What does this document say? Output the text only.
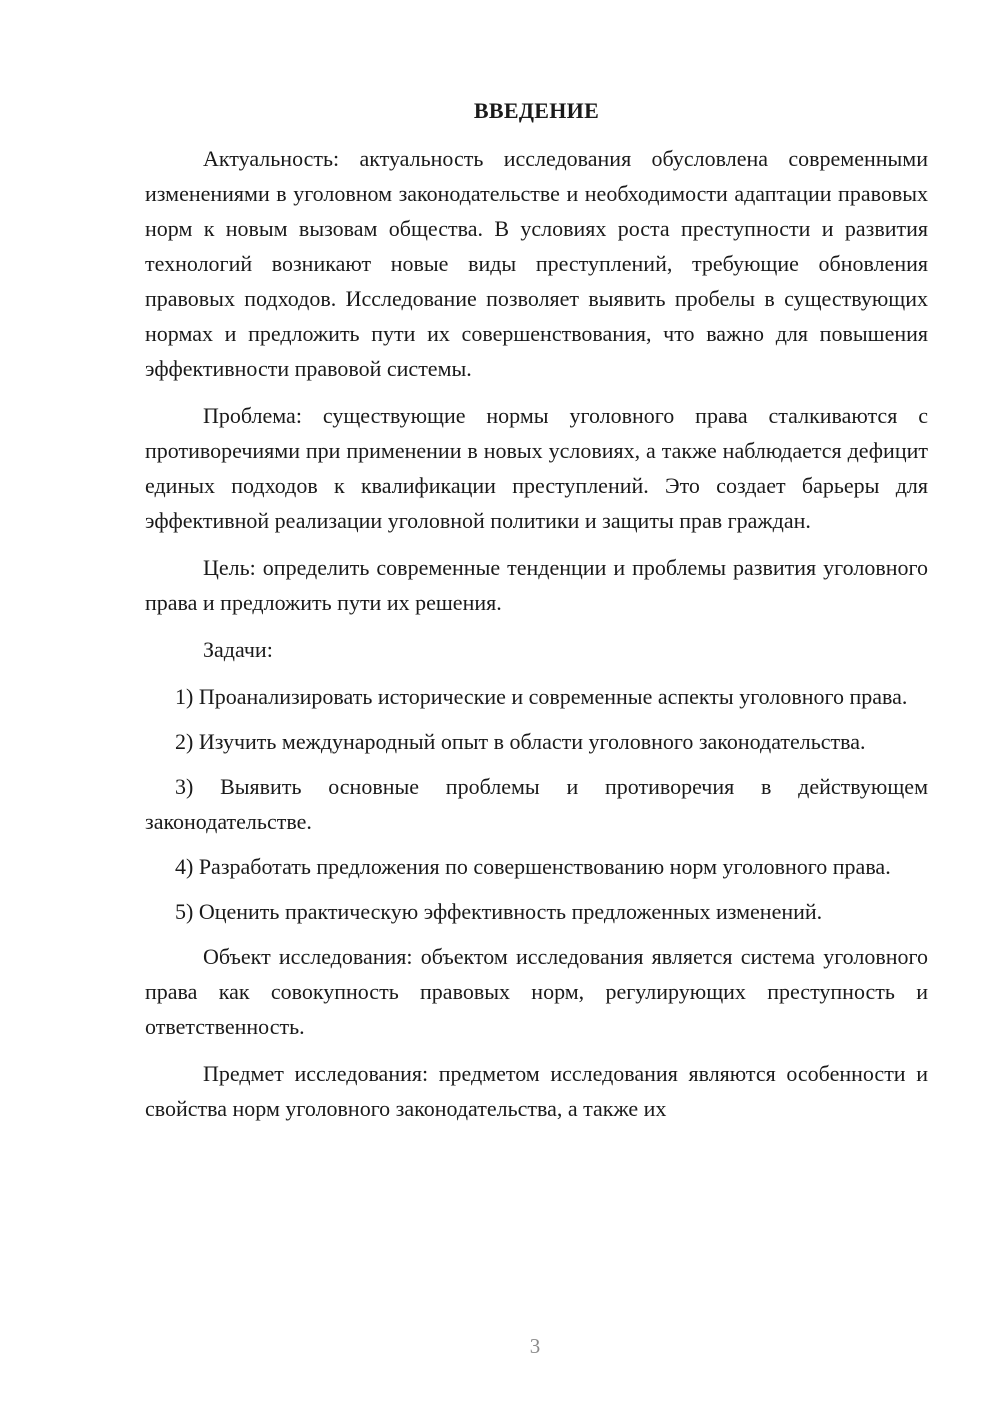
ВВЕДЕНИЕ

Актуальность: актуальность исследования обусловлена современными изменениями в уголовном законодательстве и необходимости адаптации правовых норм к новым вызовам общества. В условиях роста преступности и развития технологий возникают новые виды преступлений, требующие обновления правовых подходов. Исследование позволяет выявить пробелы в существующих нормах и предложить пути их совершенствования, что важно для повышения эффективности правовой системы.

Проблема: существующие нормы уголовного права сталкиваются с противоречиями при применении в новых условиях, а также наблюдается дефицит единых подходов к квалификации преступлений. Это создает барьеры для эффективной реализации уголовной политики и защиты прав граждан.

Цель: определить современные тенденции и проблемы развития уголовного права и предложить пути их решения.

Задачи:

1) Проанализировать исторические и современные аспекты уголовного права.

2) Изучить международный опыт в области уголовного законодательства.

3) Выявить основные проблемы и противоречия в действующем законодательстве.

4) Разработать предложения по совершенствованию норм уголовного права.

5) Оценить практическую эффективность предложенных изменений.

Объект исследования: объектом исследования является система уголовного права как совокупность правовых норм, регулирующих преступность и ответственность.

Предмет исследования: предметом исследования являются особенности и свойства норм уголовного законодательства, а также их

3
